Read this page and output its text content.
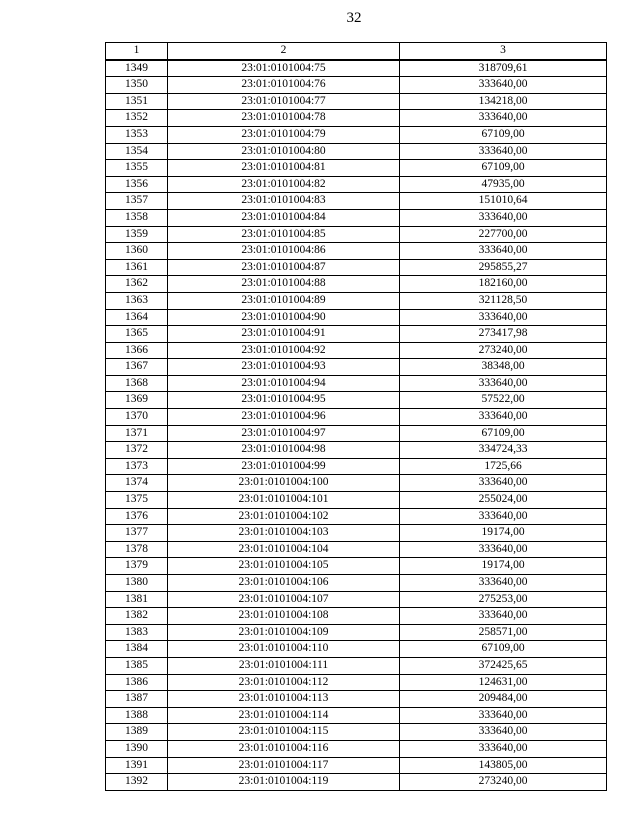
32
1	2	3
1349	23:01:0101004:75	318709,61
1350	23:01:0101004:76	333640,00
1351	23:01:0101004:77	134218,00
1352	23:01:0101004:78	333640,00
1353	23:01:0101004:79	67109,00
1354	23:01:0101004:80	333640,00
1355	23:01:0101004:81	67109,00
1356	23:01:0101004:82	47935,00
1357	23:01:0101004:83	151010,64
1358	23:01:0101004:84	333640,00
1359	23:01:0101004:85	227700,00
1360	23:01:0101004:86	333640,00
1361	23:01:0101004:87	295855,27
1362	23:01:0101004:88	182160,00
1363	23:01:0101004:89	321128,50
1364	23:01:0101004:90	333640,00
1365	23:01:0101004:91	273417,98
1366	23:01:0101004:92	273240,00
1367	23:01:0101004:93	38348,00
1368	23:01:0101004:94	333640,00
1369	23:01:0101004:95	57522,00
1370	23:01:0101004:96	333640,00
1371	23:01:0101004:97	67109,00
1372	23:01:0101004:98	334724,33
1373	23:01:0101004:99	1725,66
1374	23:01:0101004:100	333640,00
1375	23:01:0101004:101	255024,00
1376	23:01:0101004:102	333640,00
1377	23:01:0101004:103	19174,00
1378	23:01:0101004:104	333640,00
1379	23:01:0101004:105	19174,00
1380	23:01:0101004:106	333640,00
1381	23:01:0101004:107	275253,00
1382	23:01:0101004:108	333640,00
1383	23:01:0101004:109	258571,00
1384	23:01:0101004:110	67109,00
1385	23:01:0101004:111	372425,65
1386	23:01:0101004:112	124631,00
1387	23:01:0101004:113	209484,00
1388	23:01:0101004:114	333640,00
1389	23:01:0101004:115	333640,00
1390	23:01:0101004:116	333640,00
1391	23:01:0101004:117	143805,00
1392	23:01:0101004:119	273240,00
